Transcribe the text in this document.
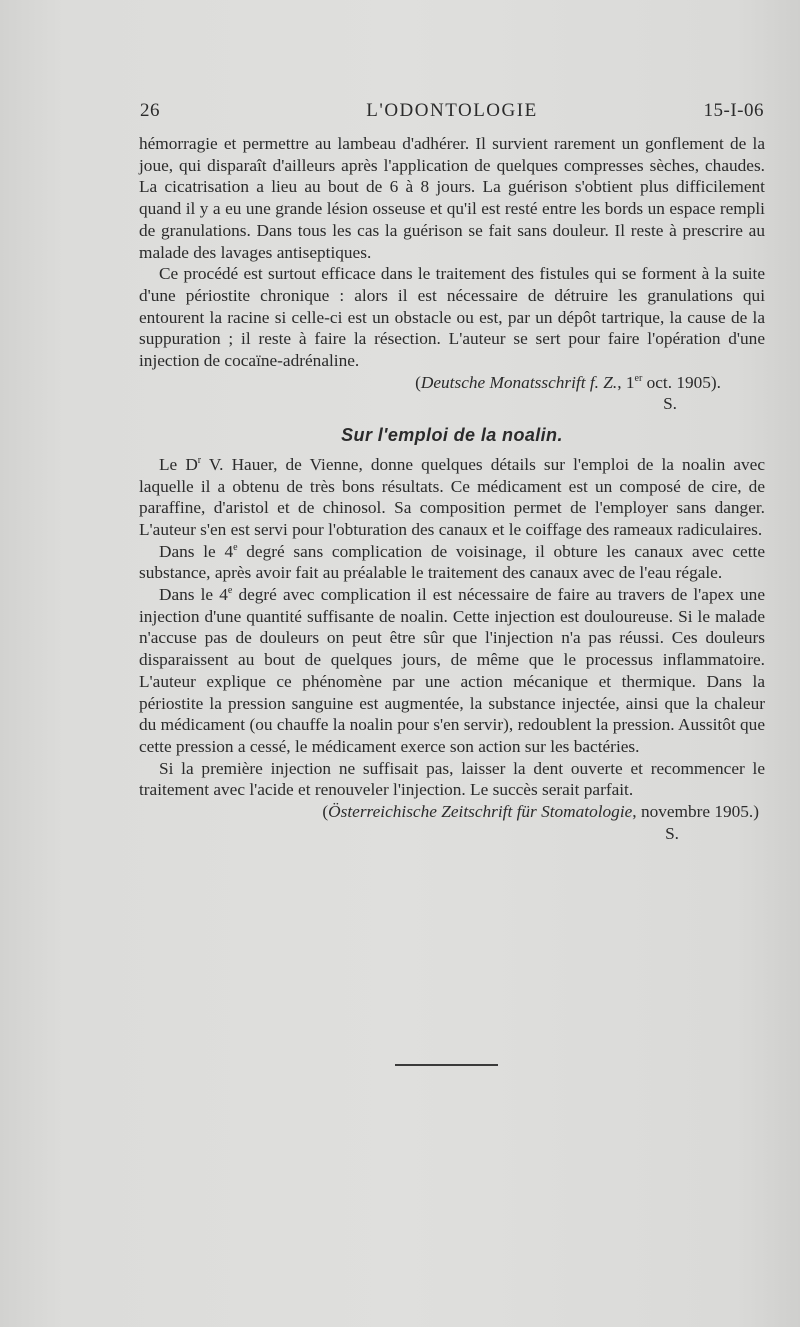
26	L'ODONTOLOGIE	15-I-06

hémorragie et permettre au lambeau d'adhérer. Il survient rarement un gonflement de la joue, qui disparaît d'ailleurs après l'application de quelques compresses sèches, chaudes. La cicatrisation a lieu au bout de 6 à 8 jours. La guérison s'obtient plus difficilement quand il y a eu une grande lésion osseuse et qu'il est resté entre les bords un espace rempli de granulations. Dans tous les cas la guérison se fait sans douleur. Il reste à prescrire au malade des lavages antiseptiques.

Ce procédé est surtout efficace dans le traitement des fistules qui se forment à la suite d'une périostite chronique : alors il est nécessaire de détruire les granulations qui entourent la racine si celle-ci est un obstacle ou est, par un dépôt tartrique, la cause de la suppuration ; il reste à faire la résection. L'auteur se sert pour faire l'opération d'une injection de cocaïne-adrénaline.

(Deutsche Monatsschrift f. Z., 1er oct. 1905).

S.

Sur l'emploi de la noalin.

Le $D^r$ V. Hauer, de Vienne, donne quelques détails sur l'emploi de la noalin avec laquelle il a obtenu de très bons résultats. Ce médicament est un composé de cire, de paraffine, d'aristol et de chinosol. Sa composition permet de l'employer sans danger. L'auteur s'en est servi pour l'obturation des canaux et le coiffage des rameaux radiculaires.

Dans le 4e degré sans complication de voisinage, il obture les canaux avec cette substance, après avoir fait au préalable le traitement des canaux avec de l'eau régale.

Dans le 4e degré avec complication il est nécessaire de faire au travers de l'apex une injection d'une quantité suffisante de noalin. Cette injection est douloureuse. Si le malade n'accuse pas de douleurs on peut être sûr que l'injection n'a pas réussi. Ces douleurs disparaissent au bout de quelques jours, de même que le processus inflammatoire. L'auteur explique ce phénomène par une action mécanique et thermique. Dans la périostite la pression sanguine est augmentée, la substance injectée, ainsi que la chaleur du médicament (ou chauffe la noalin pour s'en servir), redoublent la pression. Aussitôt que cette pression a cessé, le médicament exerce son action sur les bactéries.

Si la première injection ne suffisait pas, laisser la dent ouverte et recommencer le traitement avec l'acide et renouveler l'injection. Le succès serait parfait.

(Österreichische Zeitschrift für Stomatologie, novembre 1905.)

S.
